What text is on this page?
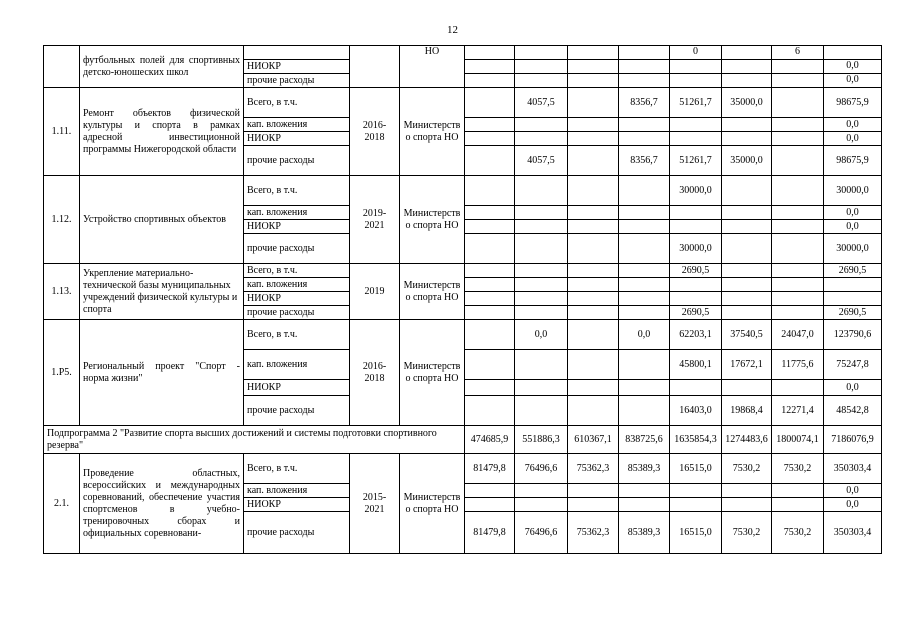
12
	футбольных полей для спортивных детско-юношеских школ			НО					0		6	
		НИОКР										0,0
		прочие расходы										0,0
1.11.	Ремонт объектов физической культуры и спорта в рамках адресной инвестиционной программы Нижегородской области	Всего, в т.ч.	2016-2018	Министерство спорта НО		4057,5		8356,7	51261,7	35000,0		98675,9
		кап. вложения										0,0
		НИОКР										0,0
		прочие расходы				4057,5		8356,7	51261,7	35000,0		98675,9
1.12.	Устройство спортивных объектов	Всего, в т.ч.	2019-2021	Министерство спорта НО					30000,0			30000,0
		кап. вложения										0,0
		НИОКР										0,0
		прочие расходы							30000,0			30000,0
1.13.	Укрепление материально-технической базы муниципальных учреждений физической культуры и спорта	Всего, в т.ч.	2019	Министерство спорта НО					2690,5			2690,5
		кап. вложения										
		НИОКР										
		прочие расходы							2690,5			2690,5
1.Р5.	Региональный проект "Спорт - норма жизни"	Всего, в т.ч.	2016-2018	Министерство спорта НО		0,0		0,0	62203,1	37540,5	24047,0	123790,6
		кап. вложения							45800,1	17672,1	11775,6	75247,8
		НИОКР										0,0
		прочие расходы							16403,0	19868,4	12271,4	48542,8
Подпрограмма 2 "Развитие спорта высших достижений и системы подготовки спортивного резерва"					474685,9	551886,3	610367,1	838725,6	1635854,3	1274483,6	1800074,1	7186076,9
2.1.	Проведение областных, всероссийских и международных соревнований, обеспечение участия спортсменов в учебно-тренировочных сборах и официальных соревновани-	Всего, в т.ч.	2015-2021	Министерство спорта НО	81479,8	76496,6	75362,3	85389,3	16515,0	7530,2	7530,2	350303,4
		кап. вложения										0,0
		НИОКР										0,0
		прочие расходы			81479,8	76496,6	75362,3	85389,3	16515,0	7530,2	7530,2	350303,4
